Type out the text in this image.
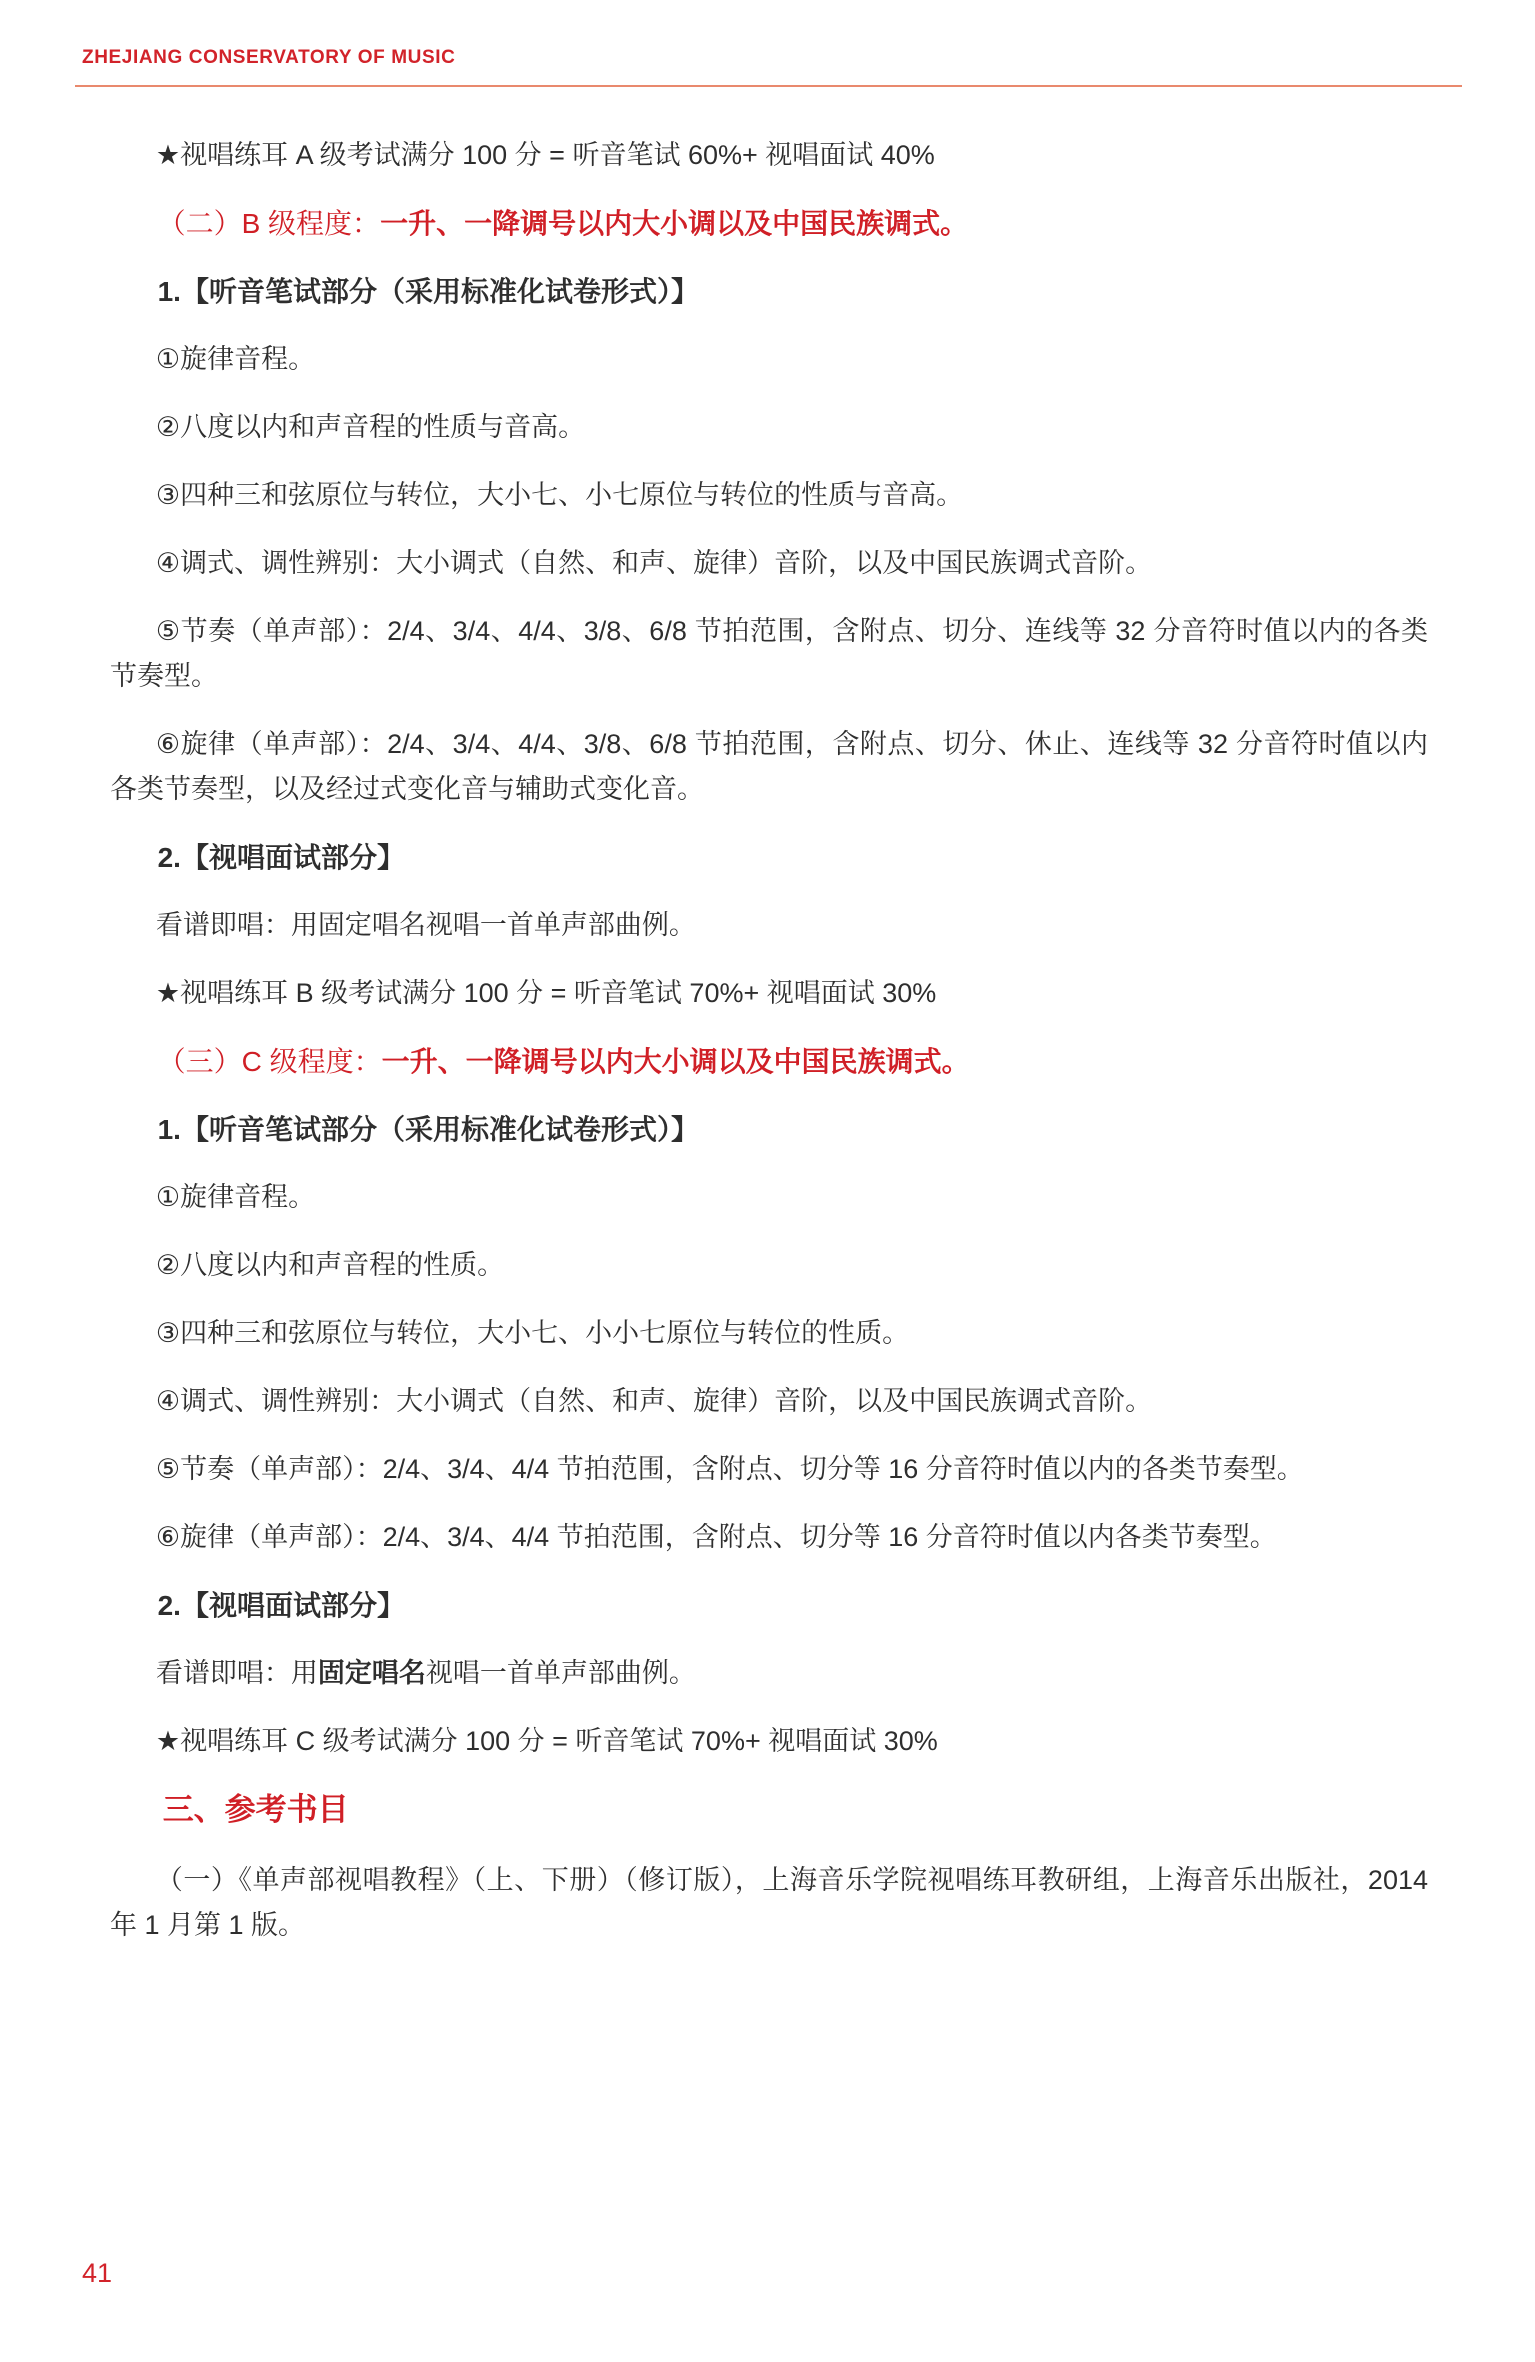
ZHEJIANG CONSERVATORY OF MUSIC

★视唱练耳 A 级考试满分 100 分 = 听音笔试 60%+ 视唱面试 40%

（二）B 级程度：一升、一降调号以内大小调以及中国民族调式。

1.【听音笔试部分（采用标准化试卷形式）】

①旋律音程。

②八度以内和声音程的性质与音高。

③四种三和弦原位与转位，大小七、小七原位与转位的性质与音高。

④调式、调性辨别：大小调式（自然、和声、旋律）音阶，以及中国民族调式音阶。

⑤节奏（单声部）：2/4、3/4、4/4、3/8、6/8 节拍范围，含附点、切分、连线等 32 分音符时值以内的各类节奏型。

⑥旋律（单声部）：2/4、3/4、4/4、3/8、6/8 节拍范围，含附点、切分、休止、连线等 32 分音符时值以内各类节奏型，以及经过式变化音与辅助式变化音。

2.【视唱面试部分】

看谱即唱：用固定唱名视唱一首单声部曲例。

★视唱练耳 B 级考试满分 100 分 = 听音笔试 70%+ 视唱面试 30%

（三）C 级程度：一升、一降调号以内大小调以及中国民族调式。

1.【听音笔试部分（采用标准化试卷形式）】

①旋律音程。

②八度以内和声音程的性质。

③四种三和弦原位与转位，大小七、小小七原位与转位的性质。

④调式、调性辨别：大小调式（自然、和声、旋律）音阶，以及中国民族调式音阶。

⑤节奏（单声部）：2/4、3/4、4/4 节拍范围，含附点、切分等 16 分音符时值以内的各类节奏型。

⑥旋律（单声部）：2/4、3/4、4/4 节拍范围，含附点、切分等 16 分音符时值以内各类节奏型。

2.【视唱面试部分】

看谱即唱：用固定唱名视唱一首单声部曲例。

★视唱练耳 C 级考试满分 100 分 = 听音笔试 70%+ 视唱面试 30%

三、参考书目

（一）《单声部视唱教程》（上、下册）（修订版），上海音乐学院视唱练耳教研组，上海音乐出版社，2014 年 1 月第 1 版。

41
